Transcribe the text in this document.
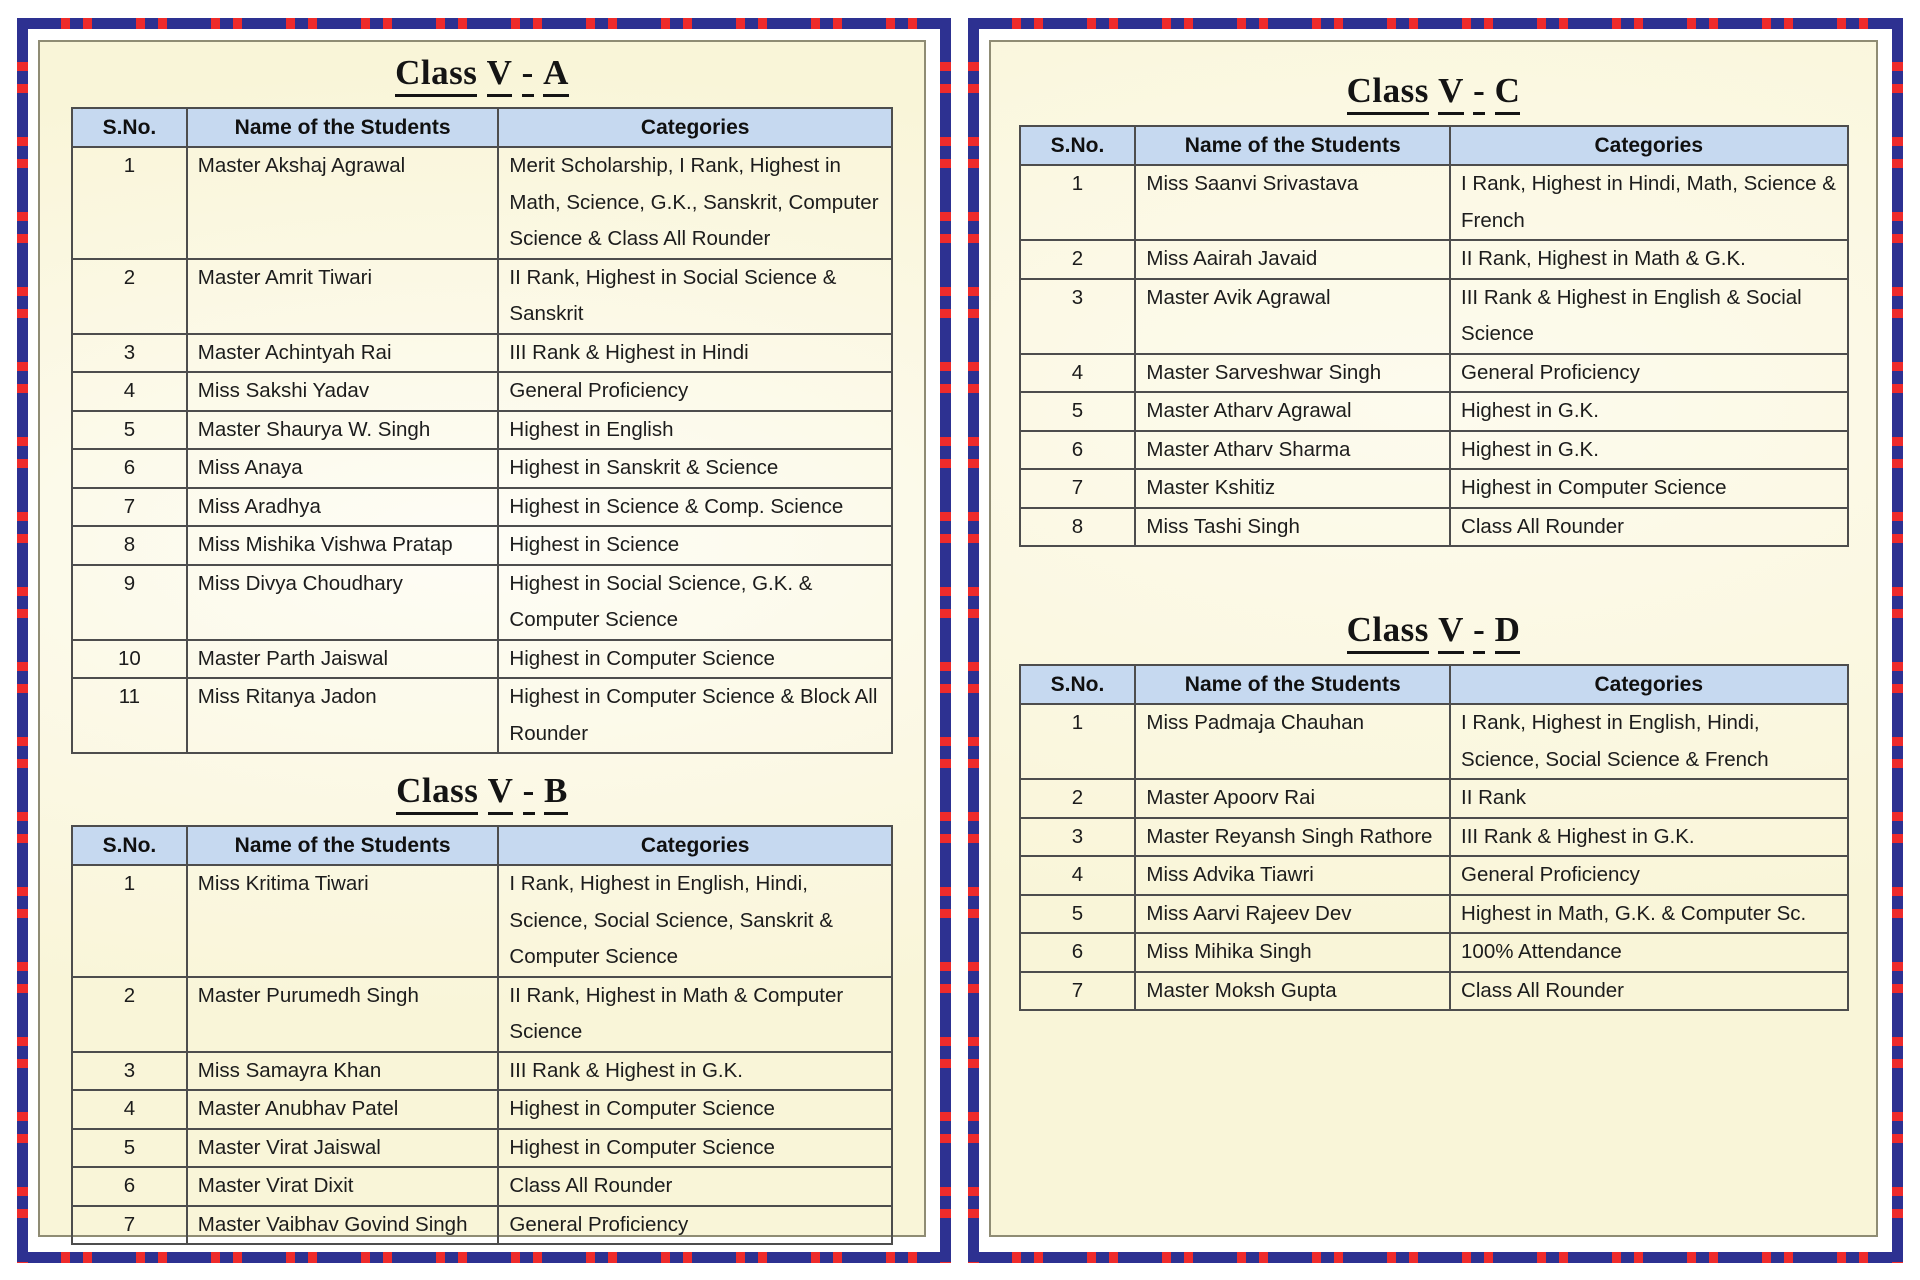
Class V - A
S.No.	Name of the Students	Categories
1	Master Akshaj Agrawal	Merit Scholarship, I Rank, Highest in Math, Science, G.K., Sanskrit, Computer Science & Class All Rounder
2	Master Amrit Tiwari	II Rank, Highest in Social Science & Sanskrit
3	Master Achintyah Rai	III Rank & Highest in Hindi
4	Miss Sakshi Yadav	General Proficiency
5	Master Shaurya W. Singh	Highest in English
6	Miss Anaya	Highest in Sanskrit & Science
7	Miss Aradhya	Highest in Science & Comp. Science
8	Miss Mishika Vishwa Pratap	Highest in Science
9	Miss Divya Choudhary	Highest in Social Science, G.K. & Computer Science
10	Master Parth Jaiswal	Highest in Computer Science
11	Miss Ritanya Jadon	Highest in Computer Science & Block All Rounder
Class V - B
S.No.	Name of the Students	Categories
1	Miss Kritima Tiwari	I Rank, Highest in English, Hindi, Science, Social Science, Sanskrit & Computer Science
2	Master Purumedh Singh	II Rank, Highest in Math & Computer Science
3	Miss Samayra Khan	III Rank & Highest in G.K.
4	Master Anubhav Patel	Highest in Computer Science
5	Master Virat Jaiswal	Highest in Computer Science
6	Master Virat Dixit	Class All Rounder
7	Master Vaibhav Govind Singh	General Proficiency
Class V - C
S.No.	Name of the Students	Categories
1	Miss Saanvi Srivastava	I Rank, Highest in Hindi, Math, Science & French
2	Miss Aairah Javaid	II Rank, Highest in Math & G.K.
3	Master Avik Agrawal	III Rank & Highest in English & Social Science
4	Master Sarveshwar Singh	General Proficiency
5	Master Atharv Agrawal	Highest in G.K.
6	Master Atharv Sharma	Highest in G.K.
7	Master Kshitiz	Highest in Computer Science
8	Miss Tashi Singh	Class All Rounder
Class V - D
S.No.	Name of the Students	Categories
1	Miss Padmaja Chauhan	I Rank, Highest in English, Hindi, Science, Social Science & French
2	Master Apoorv Rai	II Rank
3	Master Reyansh Singh Rathore	III Rank & Highest in G.K.
4	Miss Advika Tiawri	General Proficiency
5	Miss Aarvi Rajeev Dev	Highest in Math, G.K. & Computer Sc.
6	Miss Mihika Singh	100% Attendance
7	Master Moksh Gupta	Class All Rounder
